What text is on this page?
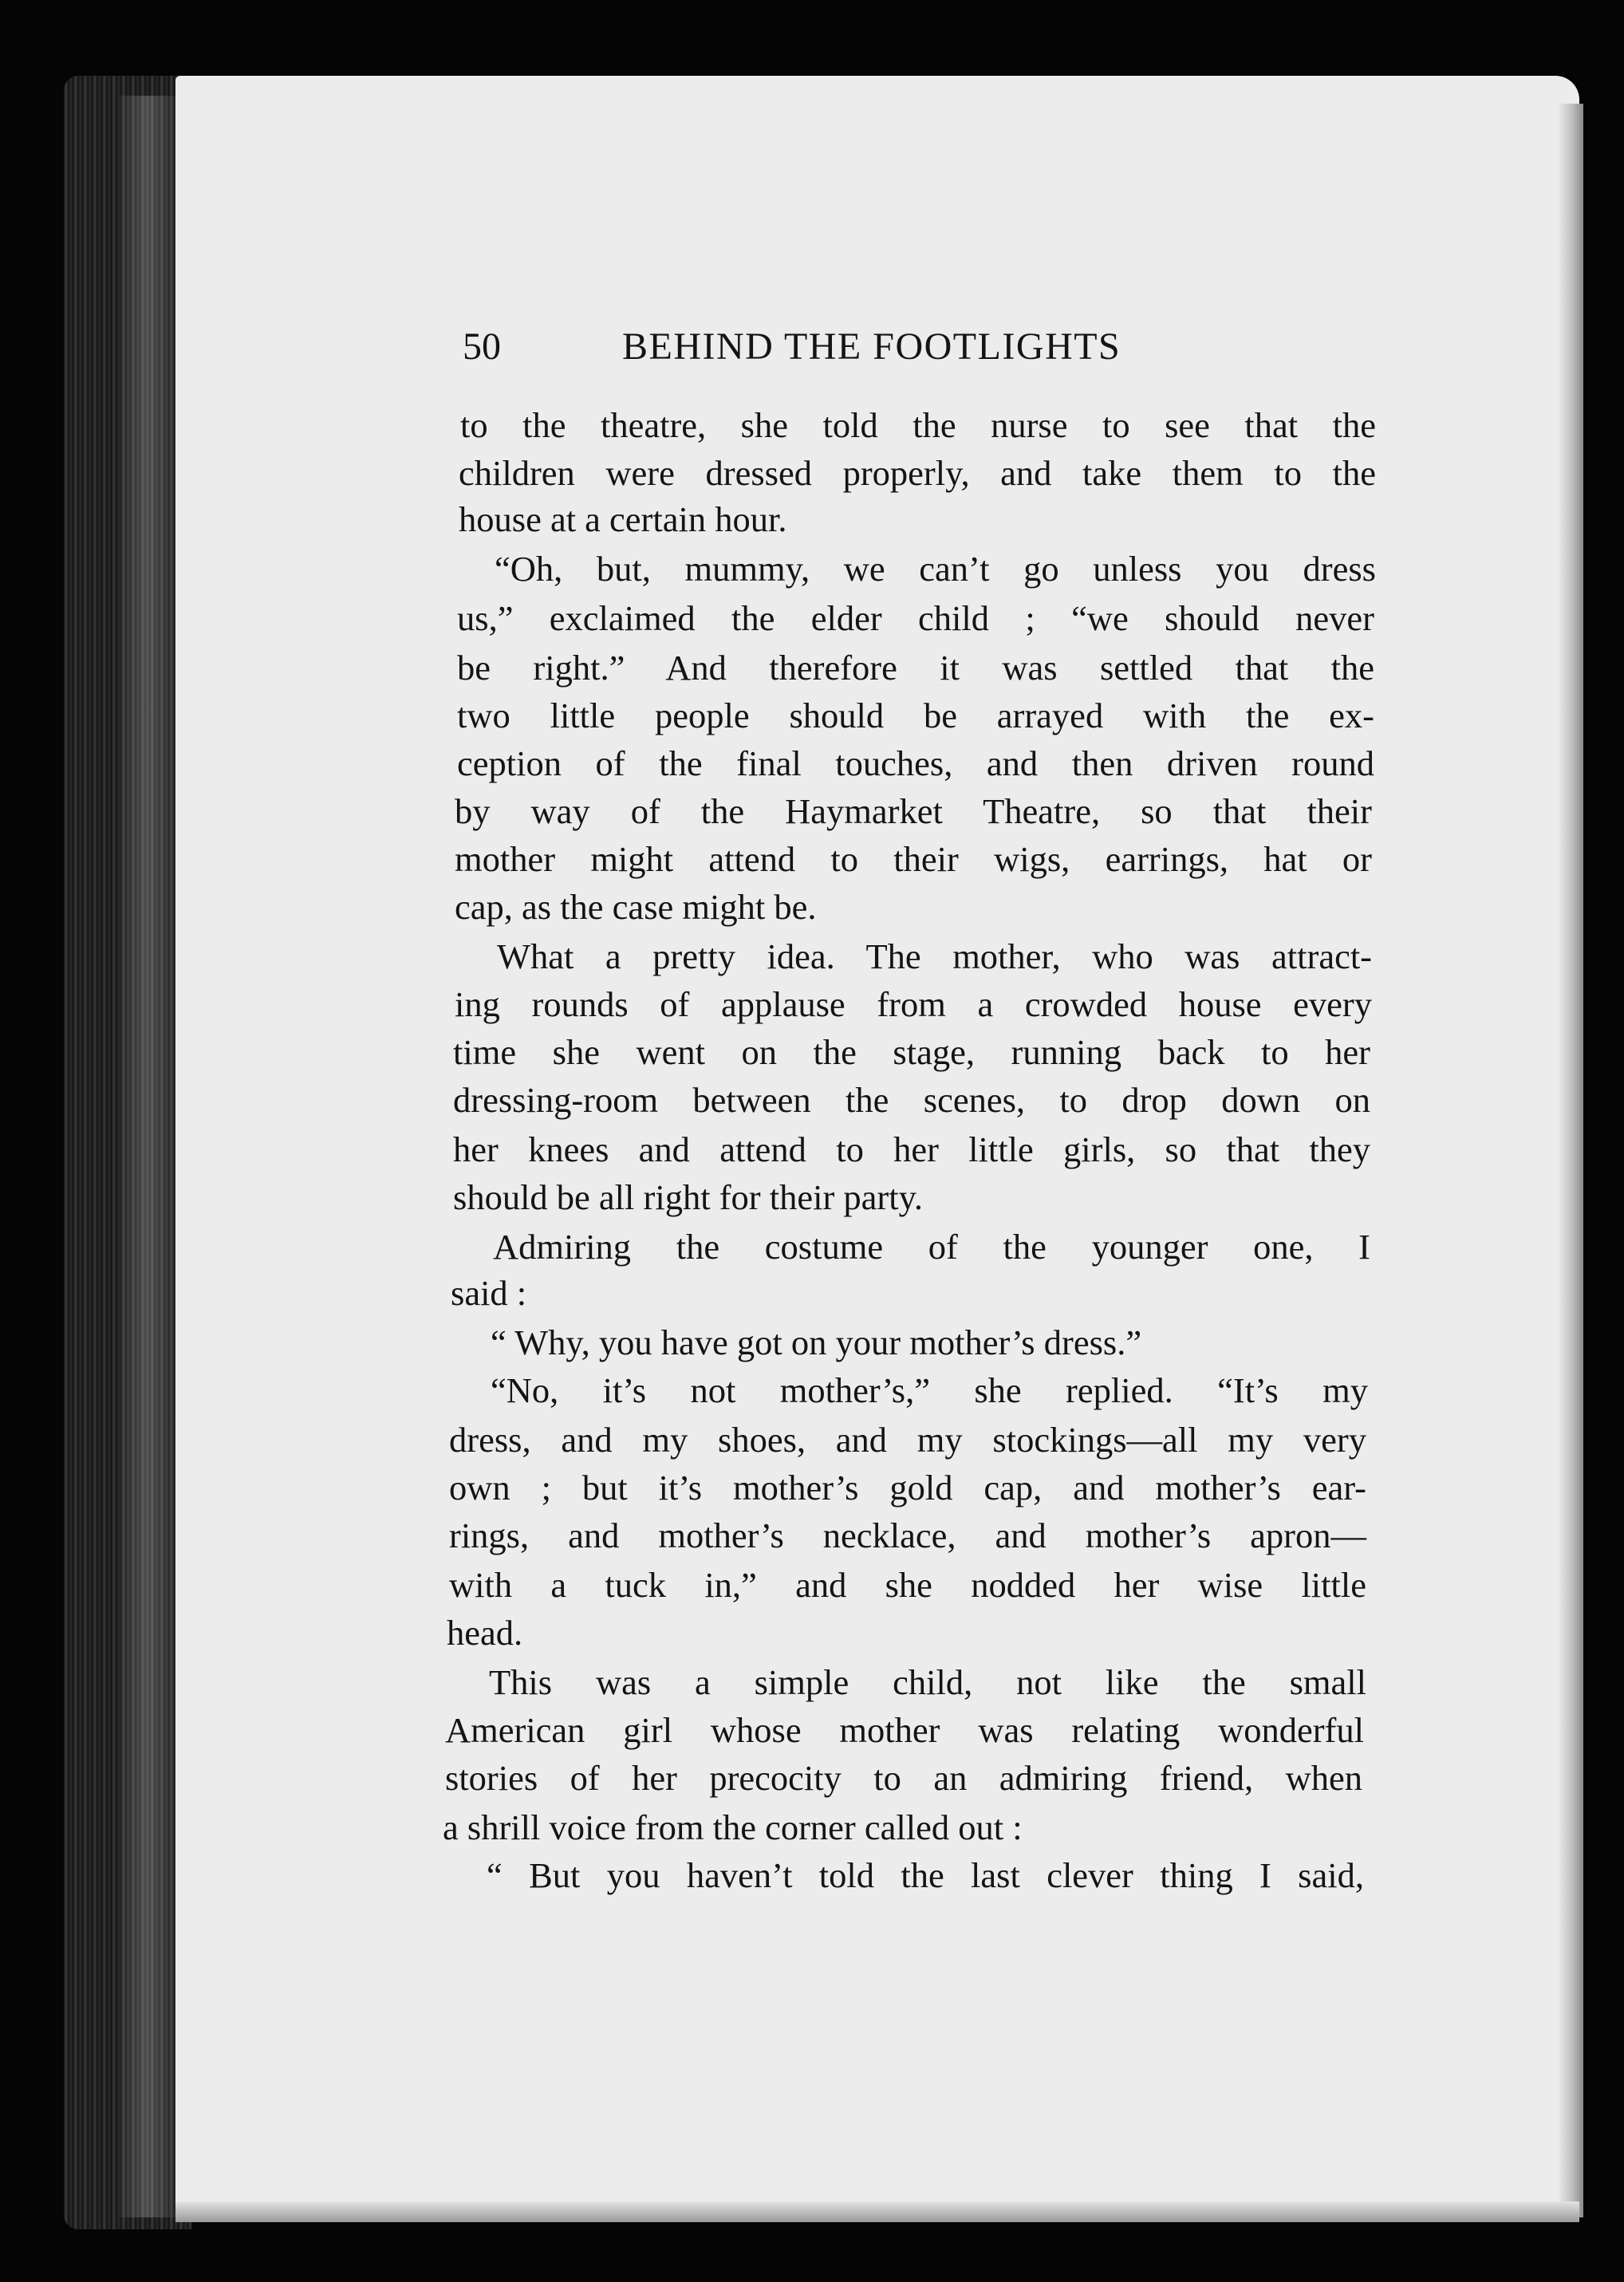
50	BEHIND THE FOOTLIGHTS
to the theatre, she told the nurse to see that the
children were dressed properly, and take them to the
house at a certain hour.
“Oh, but, mummy, we can’t go unless you dress
us,” exclaimed the elder child ; “we should never
be right.” And therefore it was settled that the
two little people should be arrayed with the ex-
ception of the final touches, and then driven round
by way of the Haymarket Theatre, so that their
mother might attend to their wigs, earrings, hat or
cap, as the case might be.
What a pretty idea. The mother, who was attract-
ing rounds of applause from a crowded house every
time she went on the stage, running back to her
dressing-room between the scenes, to drop down on
her knees and attend to her little girls, so that they
should be all right for their party.
Admiring the costume of the younger one, I
said :
“ Why, you have got on your mother’s dress.”
“No, it’s not mother’s,” she replied. “It’s my
dress, and my shoes, and my stockings—all my very
own ; but it’s mother’s gold cap, and mother’s ear-
rings, and mother’s necklace, and mother’s apron—
with a tuck in,” and she nodded her wise little
head.
This was a simple child, not like the small
American girl whose mother was relating wonderful
stories of her precocity to an admiring friend, when
a shrill voice from the corner called out :
“ But you haven’t told the last clever thing I said,
